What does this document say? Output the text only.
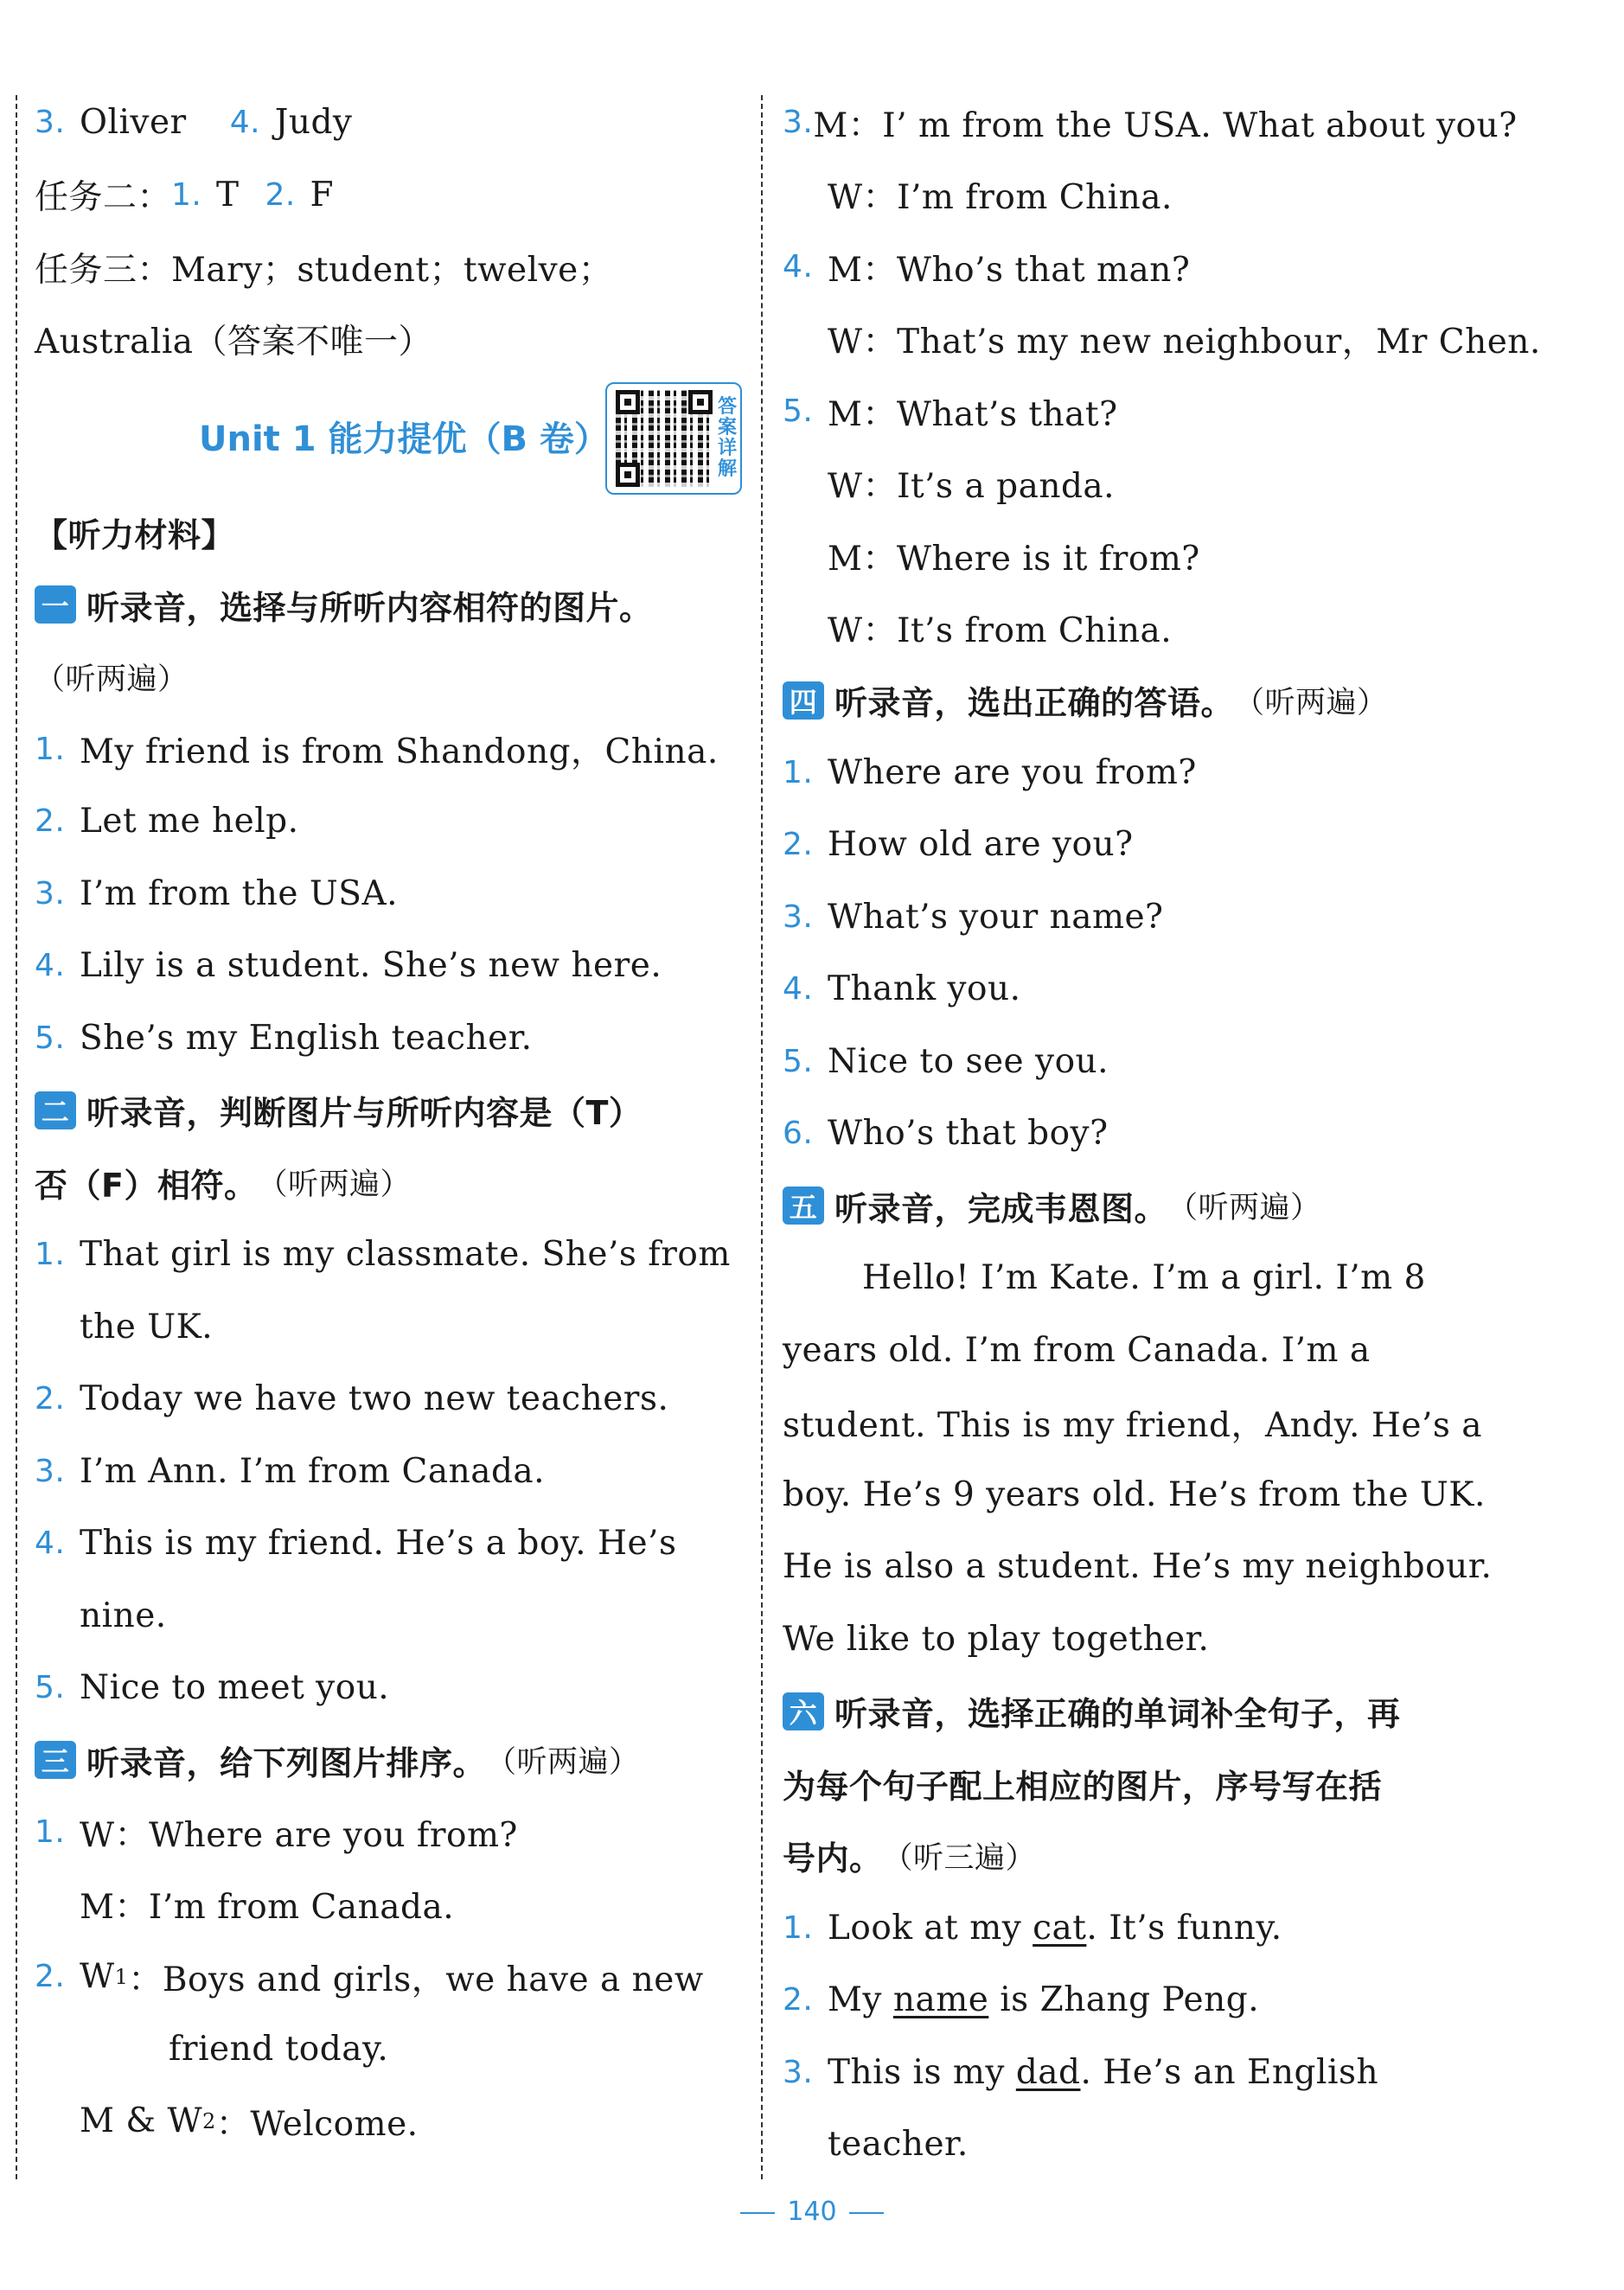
3. Oliver 4. Judy
任务二： 1. T 2. F
任务三：Mary；student；twelve；
Australia（答案不唯一）
Unit 1 能力提优（B 卷）
答案详解
【听力材料】
一 听录音，选择与所听内容相符的图片。
（听两遍）
1. My friend is from Shandong，China.
2. Let me help.
3. I’m from the USA.
4. Lily is a student. She’s new here.
5. She’s my English teacher.
二 听录音，判断图片与所听内容是（T）
否（F）相符。 （听两遍）
1. That girl is my classmate. She’s from
the UK.
2. Today we have two new teachers.
3. I’m Ann. I’m from Canada.
4. This is my friend. He’s a boy. He’s
nine.
5. Nice to meet you.
三 听录音，给下列图片排序。 （听两遍）
1. W：Where are you from?
M：I’m from Canada.
2. W 1 ：Boys and girls，we have a new
friend today.
M & W 2 ：Welcome.
3. M：I’ m from the USA. What about you?
W：I’m from China.
4. M：Who’s that man?
W：That’s my new neighbour，Mr Chen.
5. M：What’s that?
W：It’s a panda.
M：Where is it from?
W：It’s from China.
四 听录音，选出正确的答语。 （听两遍）
1. Where are you from?
2. How old are you?
3. What’s your name?
4. Thank you.
5. Nice to see you.
6. Who’s that boy?
五 听录音，完成韦恩图。 （听两遍）
Hello! I’m Kate. I’m a girl. I’m 8
years old. I’m from Canada. I’m a
student. This is my friend，Andy. He’s a
boy. He’s 9 years old. He’s from the UK.
He is also a student. He’s my neighbour.
We like to play together.
六 听录音，选择正确的单词补全句子，再
为每个句子配上相应的图片，序号写在括
号内。 （听三遍）
1. Look at my cat . It’s funny.
2. My name is Zhang Peng.
3. This is my dad . He’s an English
teacher.
140
